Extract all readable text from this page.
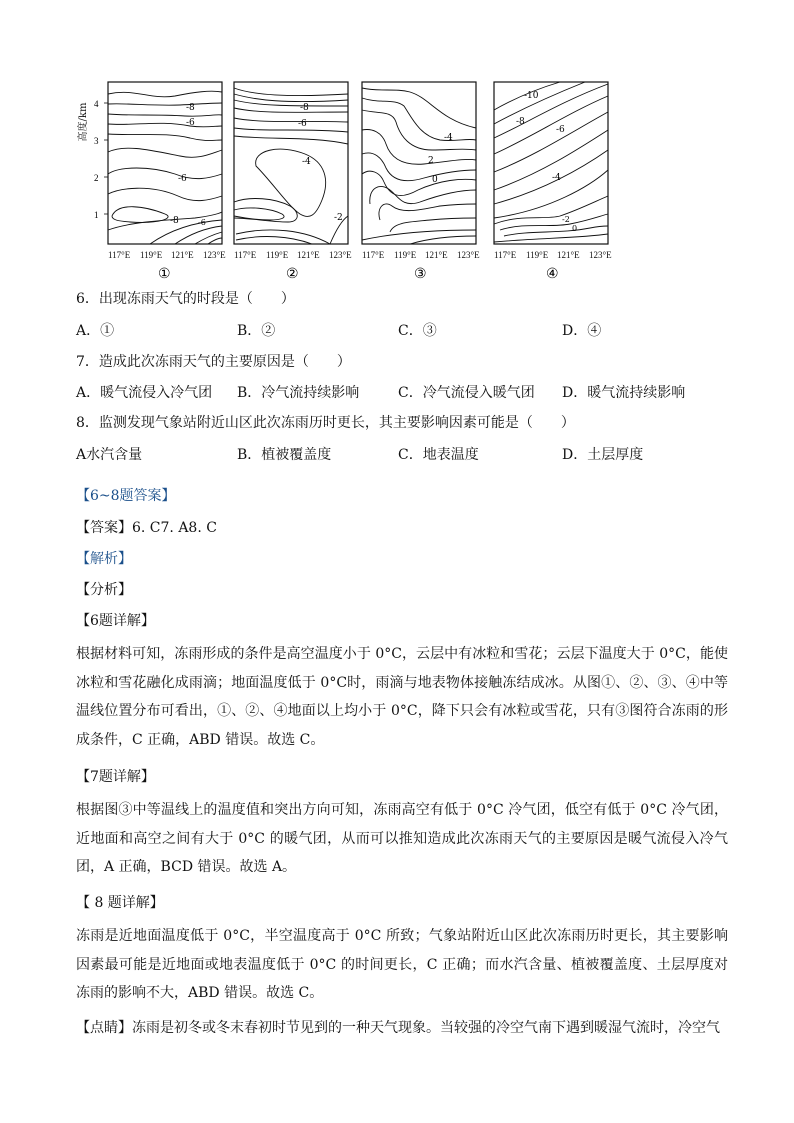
高度/km 4
3
2
1
-8
-6
-6
-8 -6
-8
-6
-4
-2
-4
2
0
-10
-8
-6
-4
-2
0
117°E 119°E 121°E 123°E 117°E 119°E 121°E 123°E 117°E 119°E 121°E 123°E 117°E 119°E 121°E 123°E
①	②	③	④
6．出现冻雨天气的时段是（　　）
A．①	B．②	C．③	D．④
7．造成此次冻雨天气的主要原因是（　　）
A．暖气流侵入冷气团 B．冷气流持续影响	C．冷气流侵入暖气团 D．暖气流持续影响
8．监测发现气象站附近山区此次冻雨历时更长，其主要影响因素可能是（　　）
A水汽含量	B．植被覆盖度	C．地表温度	D．土层厚度
【6~8题答案】
【答案】6. C7. A8. C
【解析】
【分析】
【6题详解】
根据材料可知，冻雨形成的条件是高空温度小于 0°C，云层中有冰粒和雪花；云层下温度大于 0°C，能使冰粒和雪花融化成雨滴；地面温度低于 0°C时，雨滴与地表物体接触冻结成冰。从图①、②、③、④中等温线位置分布可看出，①、②、④地面以上均小于 0°C，降下只会有冰粒或雪花，只有③图符合冻雨的形成条件，C 正确，ABD 错误。故选 C。
【7题详解】
根据图③中等温线上的温度值和突出方向可知，冻雨高空有低于 0°C 冷气团，低空有低于 0°C 冷气团，近地面和高空之间有大于 0°C 的暖气团，从而可以推知造成此次冻雨天气的主要原因是暖气流侵入冷气团，A 正确，BCD 错误。故选 A。
【 8 题详解】
冻雨是近地面温度低于 0°C，半空温度高于 0°C 所致；气象站附近山区此次冻雨历时更长，其主要影响因素最可能是近地面或地表温度低于 0°C 的时间更长，C 正确；而水汽含量、植被覆盖度、土层厚度对冻雨的影响不大，ABD 错误。故选 C。
【点睛】冻雨是初冬或冬末春初时节见到的一种天气现象。当较强的冷空气南下遇到暖湿气流时，冷空气
